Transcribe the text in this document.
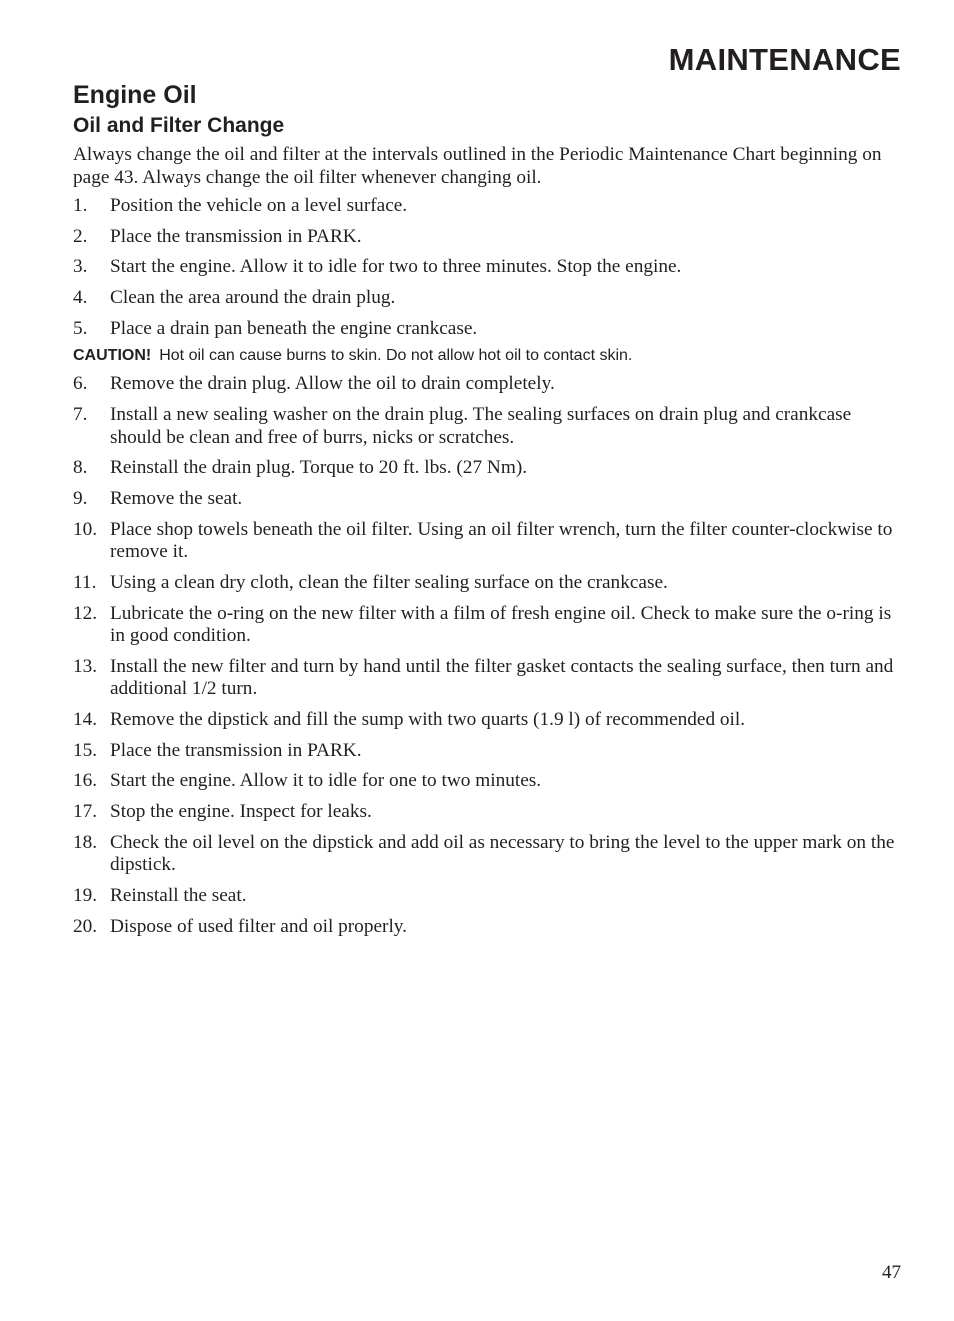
MAINTENANCE
Engine Oil
Oil and Filter Change

Always change the oil and filter at the intervals outlined in the Periodic Maintenance Chart beginning on page 43. Always change the oil filter whenever changing oil.

1.	Position the vehicle on a level surface.
2.	Place the transmission in PARK.
3.	Start the engine. Allow it to idle for two to three minutes. Stop the engine.
4.	Clean the area around the drain plug.
5.	Place a drain pan beneath the engine crankcase.

CAUTION! Hot oil can cause burns to skin. Do not allow hot oil to contact skin.

6.	Remove the drain plug. Allow the oil to drain completely.
7.	Install a new sealing washer on the drain plug. The sealing surfaces on drain plug and crankcase should be clean and free of burrs, nicks or scratches.
8.	Reinstall the drain plug. Torque to 20 ft. lbs. (27 Nm).
9.	Remove the seat.
10. Place shop towels beneath the oil filter. Using an oil filter wrench, turn the filter counter-clockwise to remove it.
11. Using a clean dry cloth, clean the filter sealing surface on the crankcase.
12. Lubricate the o-ring on the new filter with a film of fresh engine oil. Check to make sure the o-ring is in good condition.
13. Install the new filter and turn by hand until the filter gasket contacts the sealing surface, then turn and additional 1/2 turn.
14. Remove the dipstick and fill the sump with two quarts (1.9 l) of recommended oil.
15. Place the transmission in PARK.
16. Start the engine. Allow it to idle for one to two minutes.
17. Stop the engine. Inspect for leaks.
18. Check the oil level on the dipstick and add oil as necessary to bring the level to the upper mark on the dipstick.
19. Reinstall the seat.
20. Dispose of used filter and oil properly.
47
